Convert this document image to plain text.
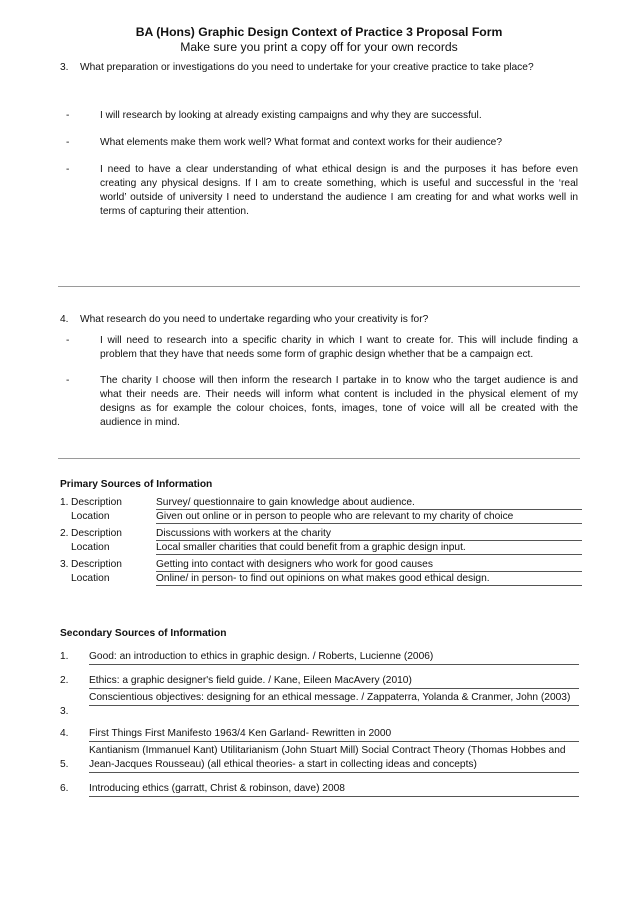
BA (Hons) Graphic Design Context of Practice 3 Proposal Form
Make sure you print a copy off for your own records
3. What preparation or investigations do you need to undertake for your creative practice to take place?
-	I will research by looking at already existing campaigns and why they are successful.
-	What elements make them work well? What format and context works for their audience?
-	I need to have a clear understanding of what ethical design is and the purposes it has before even creating any physical designs. If I am to create something, which is useful and successful in the ‘real world’ outside of university I need to understand the audience I am creating for and what works well in terms of capturing their attention.
4. What research do you need to undertake regarding who your creativity is for?
-	I will need to research into a specific charity in which I want to create for. This will include finding a problem that they have that needs some form of graphic design whether that be a campaign ect.
-	The charity I choose will then inform the research I partake in to know who the target audience is and what their needs are. Their needs will inform what content is included in the physical element of my designs as for example the colour choices, fonts, images, tone of voice will all be created with the audience in mind.
Primary Sources of Information
1. Description	Survey/ questionnaire to gain knowledge about audience.
Location	Given out online or in person to people who are relevant to my charity of choice
2. Description	Discussions with workers at the charity
Location	Local smaller charities that could benefit from a graphic design input.
3. Description	Getting into contact with designers who work for good causes
Location	Online/ in person- to find out opinions on what makes good ethical design.
Secondary Sources of Information
1. Good: an introduction to ethics in graphic design. / Roberts, Lucienne (2006)
2. Ethics: a graphic designer's field guide. / Kane, Eileen MacAvery (2010)
3.
Conscientious objectives: designing for an ethical message. / Zappaterra, Yolanda & Cranmer, John (2003)
4. First Things First Manifesto 1963/4 Ken Garland- Rewritten in 2000
5.
Kantianism (Immanuel Kant) Utilitarianism (John Stuart Mill) Social Contract Theory (Thomas Hobbes and Jean-Jacques Rousseau) (all ethical theories- a start in collecting ideas and concepts)
6. Introducing ethics (garratt, Christ & robinson, dave) 2008
